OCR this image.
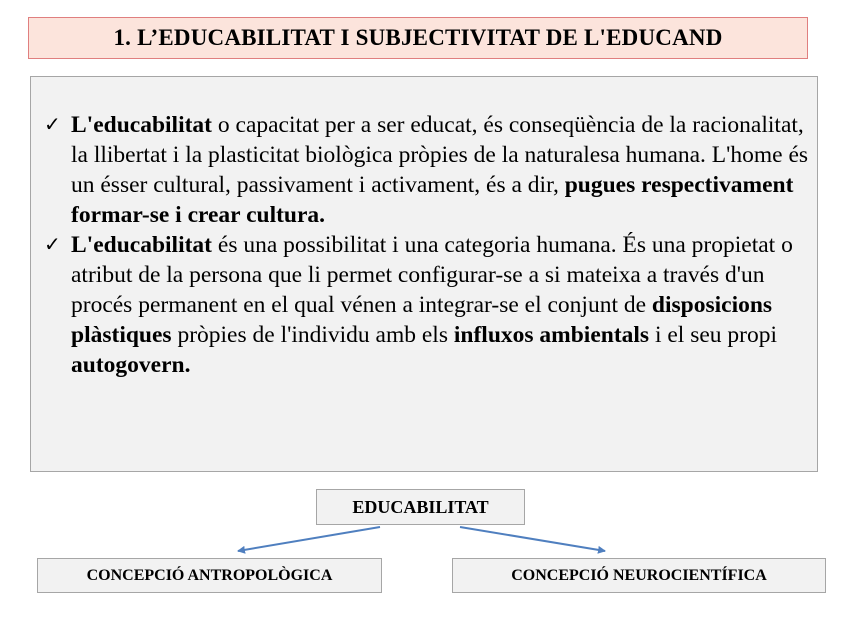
1. L’EDUCABILITAT I SUBJECTIVITAT DE L'EDUCAND
✓ L'educabilitat o capacitat per a ser educat, és conseqüència de la racionalitat, la llibertat i la plasticitat biològica pròpies de la naturalesa humana. L'home és un ésser cultural, passivament i activament, és a dir, pugues respectivament formar-se i crear cultura.
✓ L'educabilitat és una possibilitat i una categoria humana. És una propietat o atribut de la persona que li permet configurar-se a si mateixa a través d'un procés permanent en el qual vénen a integrar-se el conjunt de disposicions plàstiques pròpies de l'individu amb els influxos ambientals i el seu propi autogovern.
EDUCABILITAT
CONCEPCIÓ ANTROPOLÒGICA	CONCEPCIÓ NEUROCIENTÍFICA
